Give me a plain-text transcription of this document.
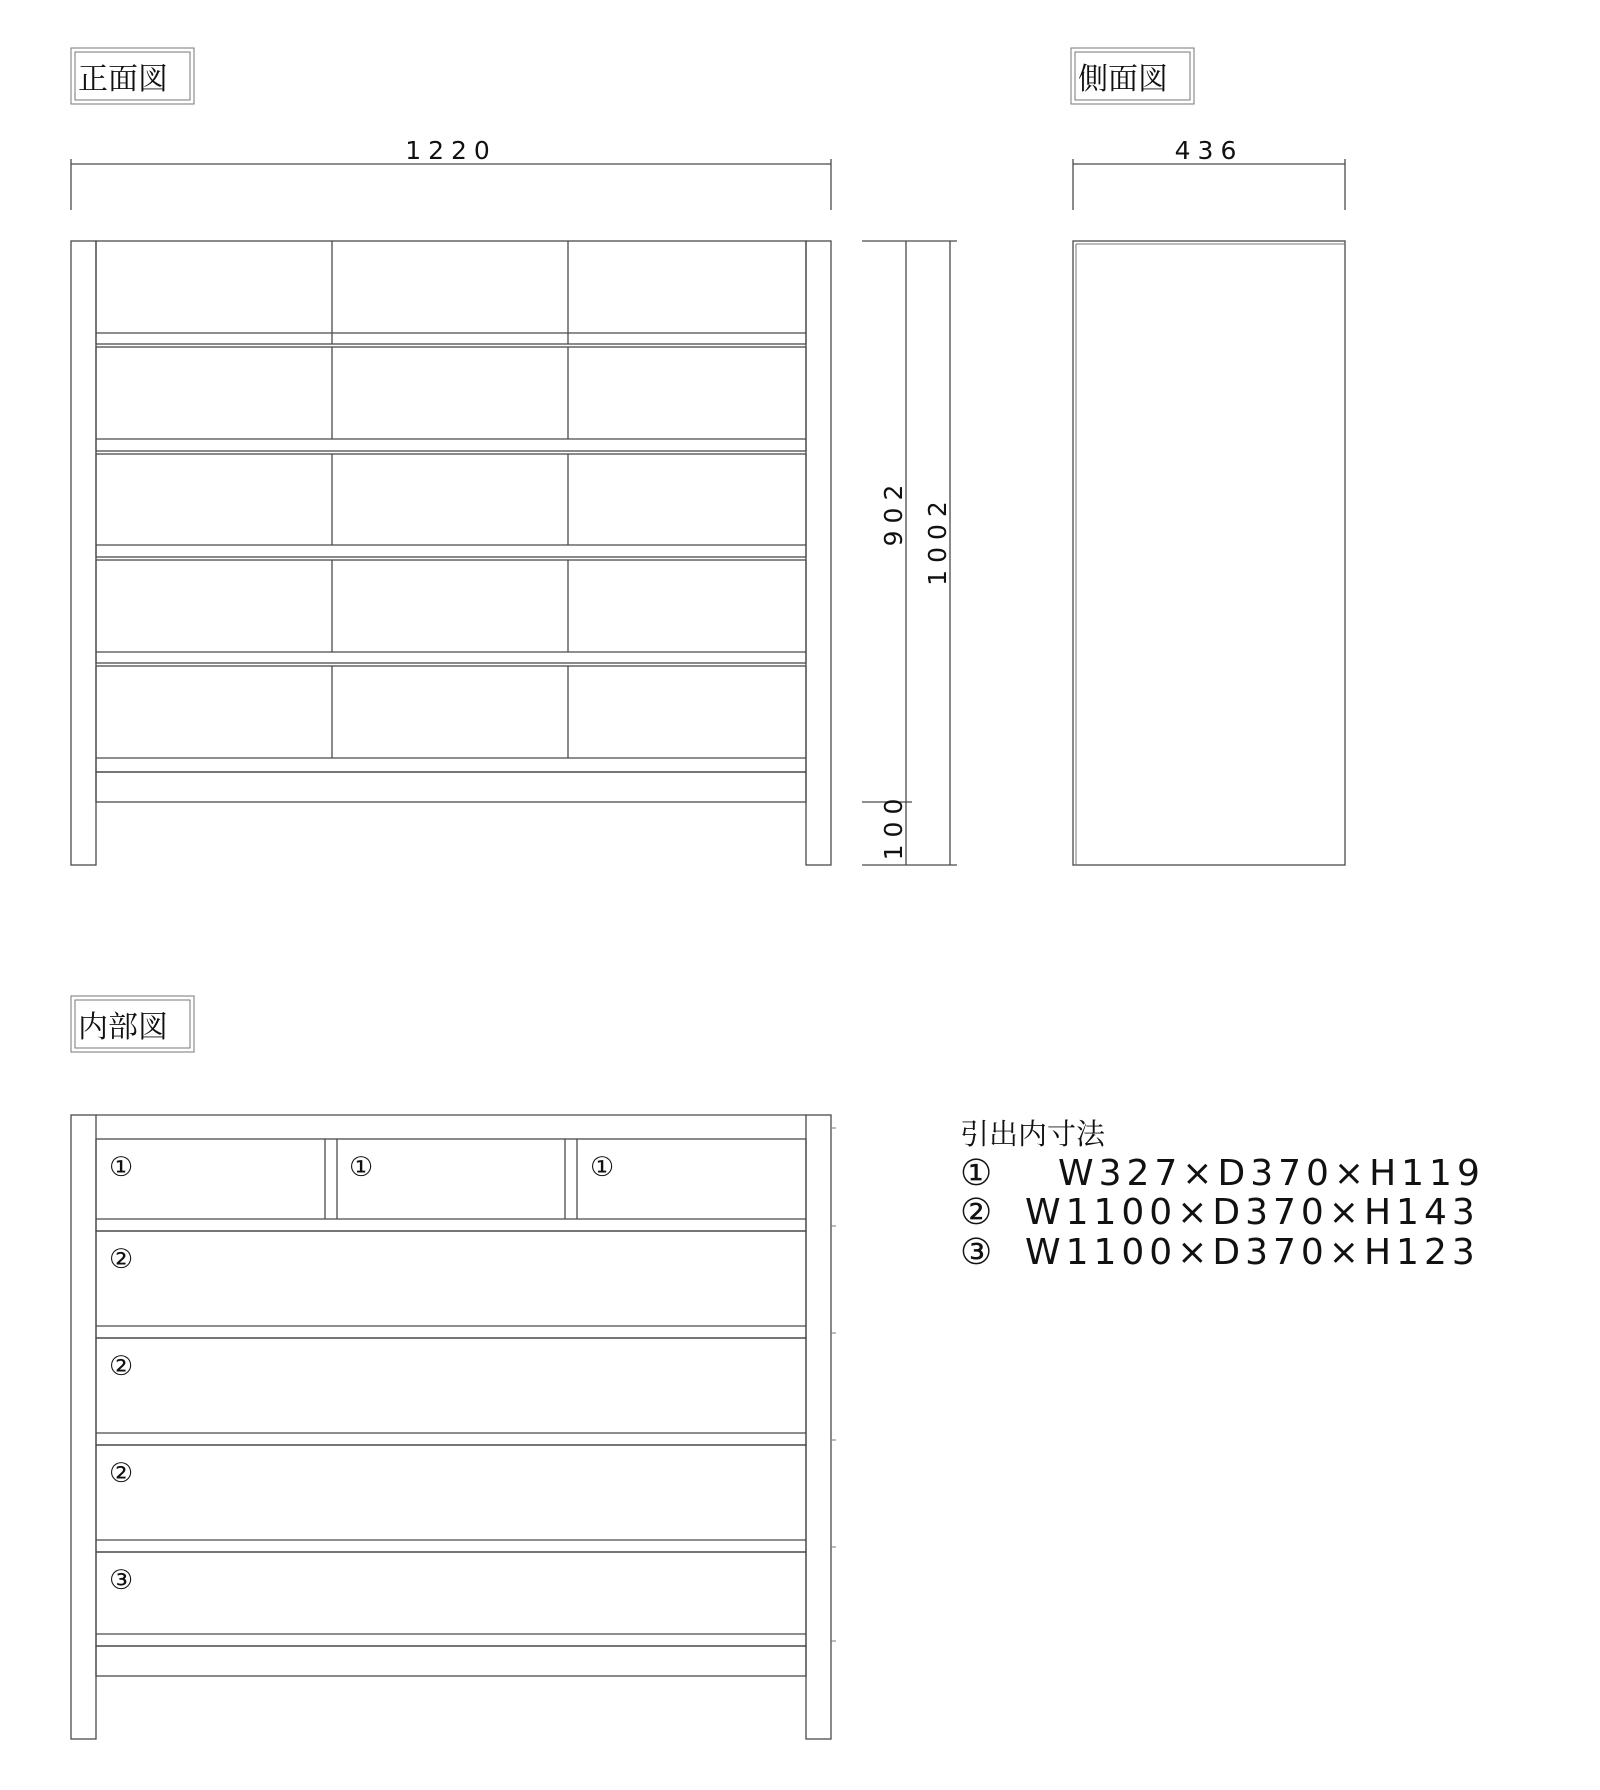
正面図	側面図
1220	436
902 1002
100
内部図
①	①	①
②
②
②
③
引出内寸法
① W327×D370×H119
② W1100×D370×H143
③ W1100×D370×H123
